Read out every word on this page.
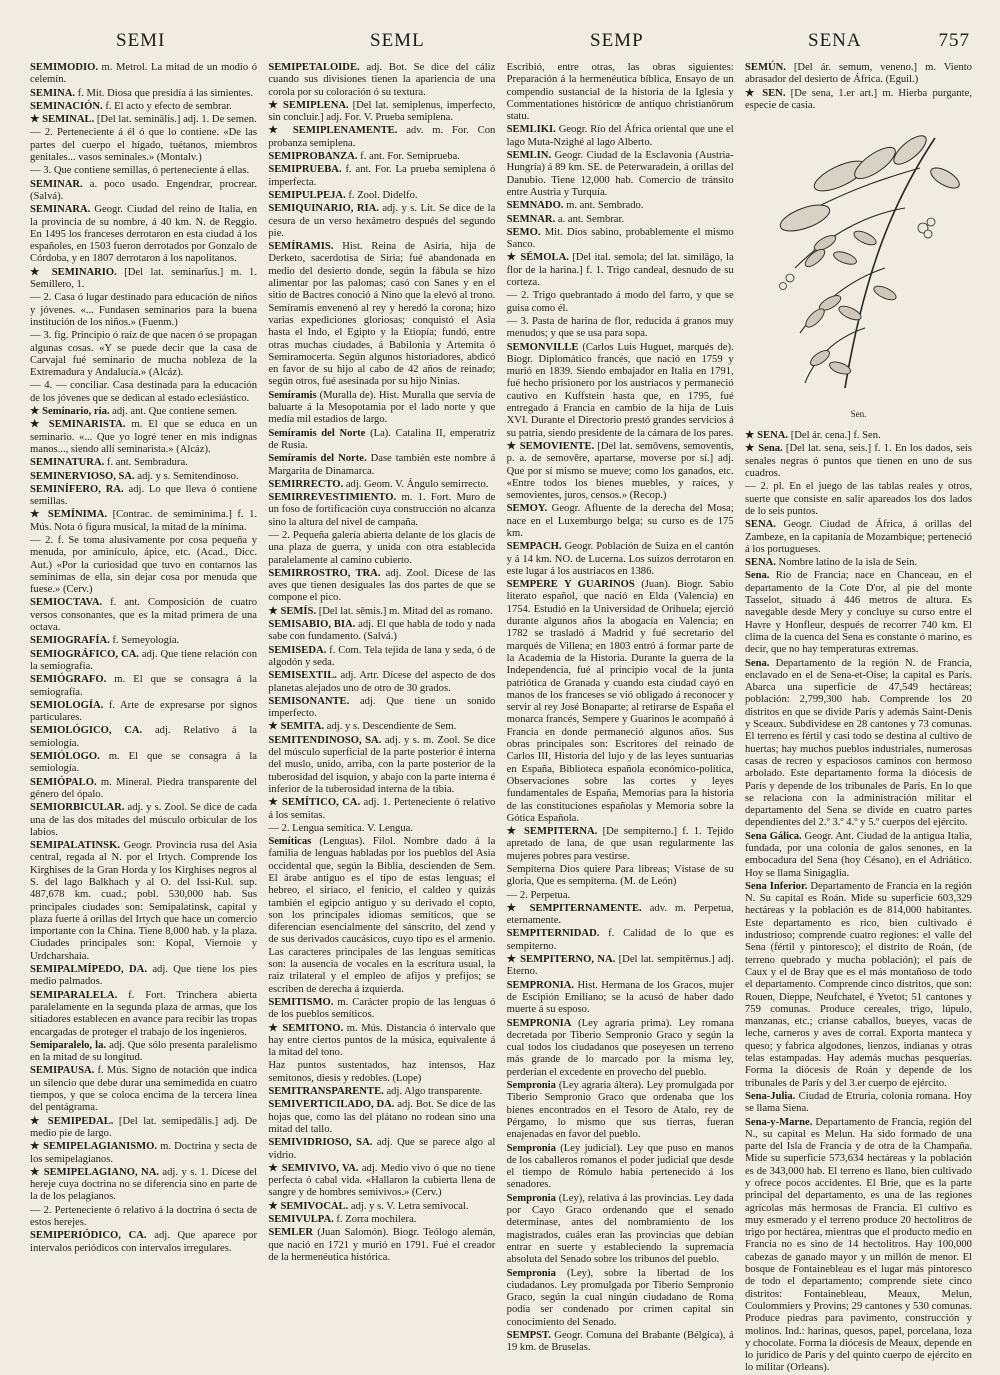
SEMI	SEML	SEMP	SENA	757

SEMIMODIO. m. Metrol. La mitad de un modio ó celemín.

SEMINA. f. Mit. Diosa que presidía á las simientes.

SEMINACIÓN. f. El acto y efecto de sembrar.

★ SEMINAL. [Del lat. seminālis.] adj. 1. De semen.

— 2. Perteneciente á él ó que lo contiene. «De las partes del cuerpo el hígado, tuétanos, miembros genitales... vasos seminales.» (Montalv.)

— 3. Que contiene semillas, ó perteneciente á ellas.

SEMINAR. a. poco usado. Engendrar, procrear. (Salvá).

SEMINARA. Geogr. Ciudad del reino de Italia, en la provincia de su nombre, á 40 km. N. de Reggio. En 1495 los franceses derrotaron en esta ciudad á los españoles, en 1503 fueron derrotados por Gonzalo de Córdoba, y en 1807 derrotaron á los napolitanos.

★ SEMINARIO. [Del lat. seminarĭus.] m. 1. Semillero, 1.

— 2. Casa ó lugar destinado para educación de niños y jóvenes. «... Fundasen seminarios para la buena institución de los niños.» (Fuenm.)

— 3. fig. Principio ó raíz de que nacen ó se propagan algunas cosas. «Y se puede decir que la casa de Carvajal fué seminario de mucha nobleza de la Extremadura y Andalucía.» (Alcáz).

— 4. — conciliar. Casa destinada para la educación de los jóvenes que se dedican al estado eclesiástico.

★ Seminario, ria. adj. ant. Que contiene semen.

★ SEMINARISTA. m. El que se educa en un seminario. «... Que yo logré tener en mis indignas manos..., siendo allí seminarista.» (Alcáz).

SEMINATURA. f. ant. Sembradura.

SEMINERVIOSO, SA. adj. y s. Semitendinoso.

SEMINÍFERO, RA. adj. Lo que lleva ó contiene semillas.

★ SEMÍNIMA. [Contrac. de semiminima.] f. 1. Mús. Nota ó figura musical, la mitad de la mínima.

— 2. f. Se toma alusivamente por cosa pequeña y menuda, por aminículo, ápice, etc. (Acad., Dicc. Aut.) «Por la curiosidad que tuvo en contarnos las semínimas de ella, sin dejar cosa por menuda que fuese.» (Cerv.)

SEMIOCTAVA. f. ant. Composición de cuatro versos consonantes, que es la mitad primera de una octava.

SEMIOGRAFÍA. f. Semeyología.

SEMIOGRÁFICO, CA. adj. Que tiene relación con la semiografía.

SEMIÓGRAFO. m. El que se consagra á la semiografía.

SEMIOLOGÍA. f. Arte de expresarse por signos particulares.

SEMIOLÓGICO, CA. adj. Relativo á la semiología.

SEMIÓLOGO. m. El que se consagra á la semiología.

SEMIÓPALO. m. Mineral. Piedra transparente del género del ópalo.

SEMIORBICULAR. adj. y s. Zool. Se dice de cada una de las dos mitades del músculo orbicular de los labios.

SEMIPALATINSK. Geogr. Provincia rusa del Asia central, regada al N. por el Irtych. Comprende los Kirghises de la Gran Horda y los Kirghises negros al S. del lago Balkhach y al O. del Issi-Kul. sup. 487,678 km. cuad.; pobl. 530,000 hab. Sus principales ciudades son: Semipalatinsk, capital y plaza fuerte á orillas del Irtych que hace un comercio importante con la China. Tiene 8,000 hab. y la plaza. Ciudades principales son: Kopal, Viernoie y Urdcharshaia.

SEMIPALMÍPEDO, DA. adj. Que tiene los pies medio palmados.

SEMIPARALELA. f. Fort. Trinchera abierta paralelamente en la segunda plaza de armas, que los sitiadores establecen en avance para recibir las tropas encargadas de proteger el trabajo de los ingenieros.

Semiparalelo, la. adj. Que sólo presenta paralelismo en la mitad de su longitud.

SEMIPAUSA. f. Mús. Signo de notación que indica un silencio que debe durar una semimedida en cuatro tiempos, y que se coloca encima de la tercera línea del pentágrama.

★ SEMIPEDAL. [Del lat. semipedālis.] adj. De medio pie de largo.

★ SEMIPELAGIANISMO. m. Doctrina y secta de los semipelagianos.

★ SEMIPELAGIANO, NA. adj. y s. 1. Dícese del hereje cuya doctrina no se diferencia sino en parte de la de los pelagianos.

— 2. Perteneciente ó relativo á la doctrina ó secta de estos herejes.

SEMIPERIÓDICO, CA. adj. Que aparece por intervalos periódicos con intervalos irregulares.

SEMIPETALOIDE. adj. Bot. Se dice del cáliz cuando sus divisiones tienen la apariencia de una corola por su coloración ó su textura.

★ SEMIPLENA. [Del lat. semiplenus, imperfecto, sin concluir.] adj. For. V. Prueba semiplena.

★ SEMIPLENAMENTE. adv. m. For. Con probanza semiplena.

SEMIPROBANZA. f. ant. For. Semiprueba.

SEMIPRUEBA. f. ant. For. La prueba semiplena ó imperfecta.

SEMIPULPEJA. f. Zool. Didelfo.

SEMIQUINARIO, RIA. adj. y s. Lit. Se dice de la cesura de un verso hexámetro después del segundo pie.

SEMÍRAMIS. Hist. Reina de Asiria, hija de Derketo, sacerdotisa de Siria; fué abandonada en medio del desierto donde, según la fábula se hizo alimentar por las palomas; casó con Sanes y en el sitio de Bactres conoció á Nino que la elevó al trono. Semíramis envenenó al rey y heredó la corona; hizo varias expediciones gloriosas; conquistó el Asia hasta el Indo, el Egipto y la Etiopía; fundó, entre otras muchas ciudades, á Babilonia y Artemita ó Semiramocerta. Según algunos historiadores, abdicó en favor de su hijo al cabo de 42 años de reinado; según otros, fué asesinada por su hijo Ninias.

Semíramis (Muralla de). Hist. Muralla que servía de baluarte á la Mesopotamia por el lado norte y que medía mil estadios de largo.

Semíramis del Norte (La). Catalina II, emperatriz de Rusia.

Semíramis del Norte. Dase también este nombre á Margarita de Dinamarca.

SEMIRRECTO. adj. Geom. V. Ángulo semirrecto.

SEMIRREVESTIMIENTO. m. 1. Fort. Muro de un foso de fortificación cuya construcción no alcanza sino la altura del nivel de campaña.

— 2. Pequeña galería abierta delante de los glacis de una plaza de guerra, y unida con otra establecida paralelamente al camino cubierto.

SEMIRROSTRO, TRA. adj. Zool. Dícese de las aves que tienen desiguales las dos partes de que se compone el pico.

★ SEMÍS. [Del lat. sēmis.] m. Mitad del as romano.

SEMISABIO, BIA. adj. El que habla de todo y nada sabe con fundamento. (Salvá.)

SEMISEDA. f. Com. Tela tejida de lana y seda, ó de algodón y seda.

SEMISEXTIL. adj. Artr. Dícese del aspecto de dos planetas alejados uno de otro de 30 grados.

SEMISONANTE. adj. Que tiene un sonido imperfecto.

★ SEMITA. adj. y s. Descendiente de Sem.

SEMITENDINOSO, SA. adj. y s. m. Zool. Se dice del músculo superficial de la parte posterior é interna del muslo, unido, arriba, con la parte posterior de la tuberosidad del isquion, y abajo con la parte interna é inferior de la tuberosidad interna de la tibia.

★ SEMÍTICO, CA. adj. 1. Perteneciente ó relativo á los semitas.

— 2. Lengua semítica. V. Lengua.

Semíticas (Lenguas). Filol. Nombre dado á la familia de lenguas habladas por los pueblos del Asia occidental que, según la Biblia, descienden de Sem. El árabe antiguo es el tipo de estas lenguas; el hebreo, el siriaco, el fenicio, el caldeo y quizás también el egipcio antiguo y su derivado el copto, son los principales idiomas semíticos, que se diferencian esencialmente del sánscrito, del zend y de sus derivados caucásicos, cuyo tipo es el armenio. Las caracteres principales de las lenguas semíticas son: la ausencia de vocales en la escritura usual, la raíz trilateral y el empleo de afijos y prefijos; se escriben de derecha á izquierda.

SEMITISMO. m. Carácter propio de las lenguas ó de los pueblos semíticos.

★ SEMITONO. m. Mús. Distancia ó intervalo que hay entre ciertos puntos de la música, equivalente á la mitad del tono.

Haz puntos sustentados, haz intensos, Haz semitonos, diesis y redobles. (Lope)

SEMITRANSPARENTE. adj. Algo transparente.

SEMIVERTICILADO, DA. adj. Bot. Se dice de las hojas que, como las del plátano no rodean sino una mitad del tallo.

SEMIVIDRIOSO, SA. adj. Que se parece algo al vidrio.

★ SEMIVIVO, VA. adj. Medio vivo ó que no tiene perfecta ó cabal vida. «Hallaron la cubierta llena de sangre y de hombres semivivos.» (Cerv.)

★ SEMIVOCAL. adj. y s. V. Letra semivocal.

SEMIVULPA. f. Zorra mochilera.

SEMLER (Juan Salomón). Biogr. Teólogo alemán, que nació en 1721 y murió en 1791. Fué el creador de la hermenéutica histórica.

Escribió, entre otras, las obras siguientes: Preparación á la hermenéutica bíblica, Ensayo de un compendio sustancial de la historia de la Iglesia y Commentationes históricœ de antiquo christianōrum statu.

SEMLIKI. Geogr. Río del África oriental que une el lago Muta-Nzighé al lago Alberto.

SEMLIN. Geogr. Ciudad de la Esclavonia (Austria-Hungría) á 89 km. SE. de Peterwaradein, á orillas del Danubio. Tiene 12,000 hab. Comercio de tránsito entre Austria y Turquía.

SEMNADO. m. ant. Sembrado.

SEMNAR. a. ant. Sembrar.

SEMO. Mit. Dios sabino, probablemente el mismo Sanco.

★ SÉMOLA. [Del ital. semola; del lat. similāgo, la flor de la harina.] f. 1. Trigo candeal, desnudo de su corteza.

— 2. Trigo quebrantado á modo del farro, y que se guisa como él.

— 3. Pasta de harina de flor, reducida á granos muy menudos; y que se usa para sopa.

SEMONVILLE (Carlos Luis Huguet, marqués de). Biogr. Diplomático francés, que nació en 1759 y murió en 1839. Siendo embajador en Italia en 1791, fué hecho prisionero por los austriacos y permaneció cautivo en Kuffstein hasta que, en 1795, fué entregado á Francia en cambio de la hija de Luis XVI. Durante el Directorio prestó grandes servicios á su patria, siendo presidente de la cámara de los pares.

★ SEMOVIENTE. [Del lat. semōvens, semoventis, p. a. de semovēre, apartarse, moverse por sí.] adj. Que por sí mismo se mueve; como los ganados, etc. «Entre todos los bienes muebles, y raíces, y semovientes, juros, censos.» (Recop.)

SEMOY. Geogr. Afluente de la derecha del Mosa; nace en el Luxemburgo belga; su curso es de 175 km.

SEMPACH. Geogr. Población de Suiza en el cantón y á 14 km. NO. de Lucerna. Los suizos derrotaron en este lugar á los austriacos en 1386.

SEMPERE Y GUARINOS (Juan). Biogr. Sabio literato español, que nació en Elda (Valencia) en 1754. Estudió en la Universidad de Orihuela; ejerció durante algunos años la abogacía en Valencia; en 1782 se trasladó á Madrid y fué secretario del marqués de Villena; en 1803 entró á formar parte de la Academia de la Historia. Durante la guerra de la Independencia, fué al principio vocal de la junta patriótica de Granada y cuando esta ciudad cayó en manos de los franceses se vió obligado á reconocer y servir al rey José Bonaparte; al retirarse de España el monarca francés, Sempere y Guarinos le acompañó á Francia en donde permaneció algunos años. Sus obras principales son: Escritores del reinado de Carlos III, Historia del lujo y de las leyes suntuarias en España, Biblioteca española económico-política, Observaciones sobre las cortes y leyes fundamentales de España, Memorias para la historia de las constituciones españolas y Memoria sobre la Gótica Española.

★ SEMPITERNA. [De sempiterno.] f. 1. Tejido apretado de lana, de que usan regularmente las mujeres pobres para vestirse.

Sempiterna Dios quiere Para libreas; Vístase de su gloria, Que es sempiterna. (M. de León)

— 2. Perpetua.

★ SEMPITERNAMENTE. adv. m. Perpetua, eternamente.

SEMPITERNIDAD. f. Calidad de lo que es sempiterno.

★ SEMPITERNO, NA. [Del lat. sempitērnus.] adj. Eterno.

SEMPRONIA. Hist. Hermana de los Gracos, mujer de Escipión Emiliano; se la acusó de haber dado muerte á su esposo.

SEMPRONIA (Ley agraria prima). Ley romana decretada por Tiberio Sempronio Graco y según la cual todos los ciudadanos que poseyesen un terreno más grande de lo marcado por la misma ley, perderían el excedente en provecho del pueblo.

Sempronia (Ley agraria áltera). Ley promulgada por Tiberio Sempronio Graco que ordenaba que los bienes encontrados en el Tesoro de Atalo, rey de Pérgamo, lo mismo que sus tierras, fueran enajenadas en favor del pueblo.

Sempronia (Ley judicial). Ley que puso en manos de los caballeros romanos el poder judicial que desde el tiempo de Rómulo había pertenecido á los senadores.

Sempronia (Ley), relativa á las provincias. Ley dada por Cayo Graco ordenando que el senado determinase, antes del nombramiento de los magistrados, cuáles eran las provincias que debían entrar en suerte y estableciendo la supremacía absoluta del Senado sobre los tribunos del pueblo.

Sempronia (Ley), sobre la libertad de los ciudadanos. Ley promulgada por Tiberio Sempronio Graco, según la cual ningún ciudadano de Roma podía ser condenado por crimen capital sin conocimiento del Senado.

SEMPST. Geogr. Comuna del Brabante (Bélgica), á 19 km. de Bruselas.

SEMÚN. [Del ár. semum, veneno.] m. Viento abrasador del desierto de África. (Eguil.)

★ SEN. [De sena, 1.er art.] m. Hierba purgante, especie de casia.

Sen.

★ SENA. [Del ár. cena.] f. Sen.

★ Sena. [Del lat. sena, seis.] f. 1. En los dados, seis senales negras ó puntos que tienen en uno de sus cuadros.

— 2. pl. En el juego de las tablas reales y otros, suerte que consiste en salir apareados los dos lados de lo seis puntos.

SENA. Geogr. Ciudad de África, á orillas del Zambeze, en la capitanía de Mozambique; perteneció á los portugueses.

SENA. Nombre latino de la isla de Sein.

Sena. Río de Francia; nace en Chanceau, en el departamento de la Cote D'or, al pie del monte Tasselot, situado á 446 metros de altura. Es navegable desde Mery y concluye su curso entre el Havre y Honfleur, después de recorrer 740 km. El clima de la cuenca del Sena es constante ó marino, es decir, que no hay temperaturas extremas.

Sena. Departamento de la región N. de Francia, enclavado en el de Sena-et-Oise; la capital es París. Abarca una superficie de 47,549 hectáreas; población: 2,799,300 hab. Comprende los 20 distritos en que se divide París y además Saint-Denis y Sceaux. Subdividese en 28 cantones y 73 comunas. El terreno es fértil y casi todo se destina al cultivo de huertas; hay muchos pueblos industriales, numerosas casas de recreo y espaciosos caminos con hermoso arbolado. Este departamento forma la diócesis de París y depende de los tribunales de París. En lo que se relaciona con la administración militar el departamento del Sena se divide en cuatro partes dependientes del 2.º 3.º 4.º y 5.º cuerpos del ejército.

Sena Gálica. Geogr. Ant. Ciudad de la antigua Italia, fundada, por una colonia de galos senones, en la embocadura del Sena (hoy Césano), en el Adriático. Hoy se llama Sinigaglia.

Sena Inferior. Departamento de Francia en la región N. Su capital es Roán. Mide su superficie 603,329 hectáreas y la población es de 814,000 habitantes. Este departamento es rico, bien cultivado é industrioso; comprende cuatro regiones: el valle del Sena (fértil y pintoresco); el distrito de Roán, (de terreno quebrado y mucha población); el país de Caux y el de Bray que es el más montañoso de todo el departamento. Comprende cinco distritos, que son: Rouen, Dieppe, Neufchatel, é Yvetot; 51 cantones y 759 comunas. Produce cereales, trigo, lúpulo, manzanas, etc.; crianse caballos, bueyes, vacas de leche, carneros y aves de corral. Exporta manteca y queso; y fabrica algodones, lienzos, indianas y otras telas estampadas. Hay además muchas pesquerías. Forma la diócesis de Roán y depende de los tribunales de París y del 3.er cuerpo de ejército.

Sena-Julia. Ciudad de Etruria, colonia romana. Hoy se llama Siena.

Sena-y-Marne. Departamento de Francia, región del N., su capital es Melun. Ha sido formado de una parte del Isla de Francia y de otra de la Champaña. Mide su superficie 573,634 hectáreas y la población es de 343,000 hab. El terreno es llano, bien cultivado y ofrece pocos accidentes. El Brie, que es la parte principal del departamento, es una de las regiones agrícolas más hermosas de Francia. El cultivo es muy esmerado y el terreno produce 20 hectolitros de trigo por hectárea, mientras que el producto medio en Francia no es sino de 14 hectolitros. Hay 100,000 cabezas de ganado mayor y un millón de menor. El bosque de Fontainebleau es el lugar más pintoresco de todo el departamento; comprende siete cinco distritos: Fontainebleau, Meaux, Melun, Coulommiers y Provins; 29 cantones y 530 comunas. Produce piedras para pavimento, construcción y molinos. Ind.: harinas, quesos, papel, porcelana, loza y chocolate. Forma la diócesis de Meaux, depende en lo jurídico de París y del quinto cuerpo de ejército en lo militar (Orleans).
